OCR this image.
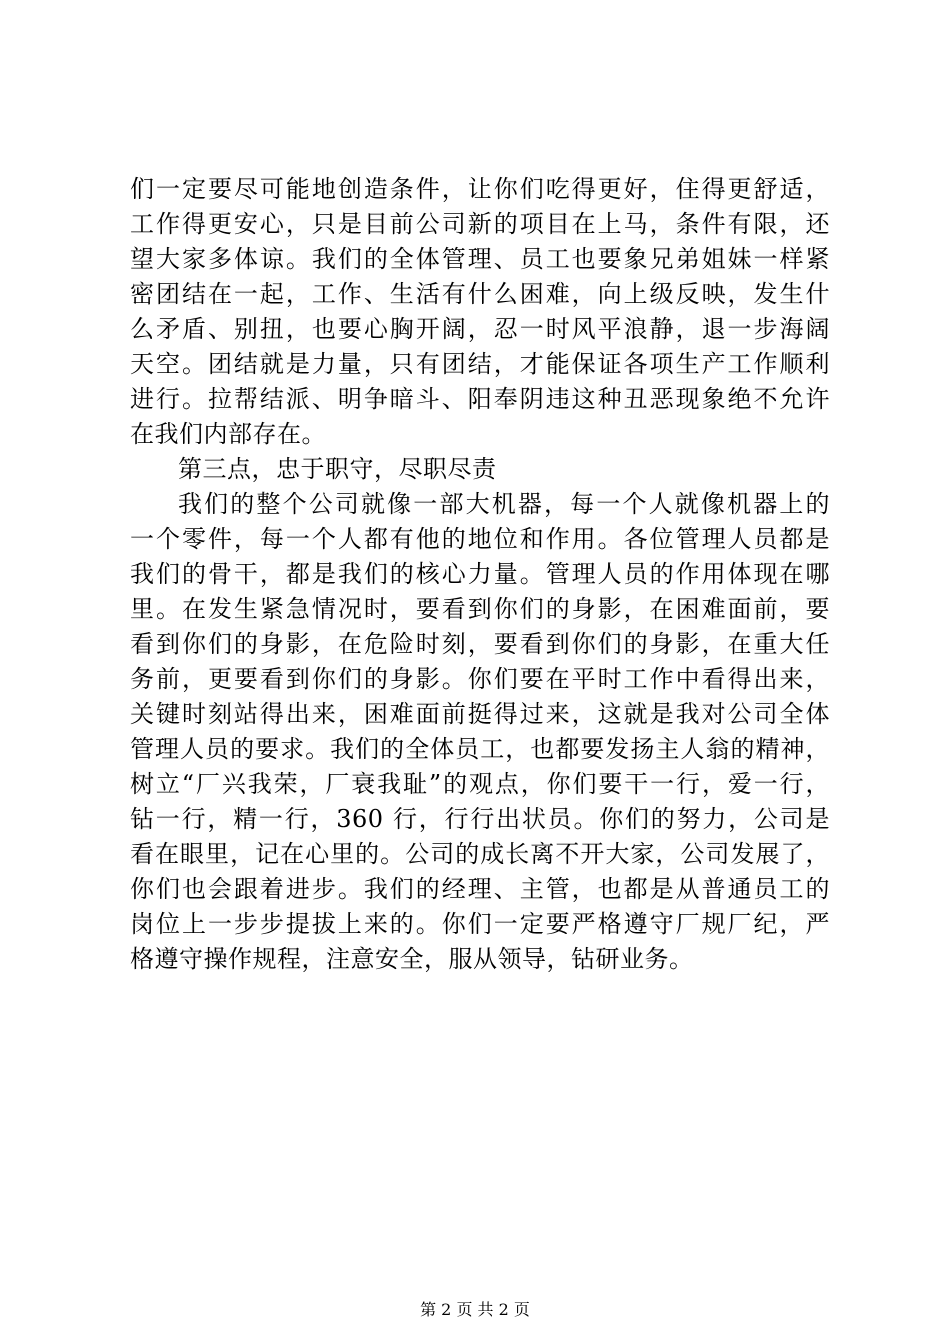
们一定要尽可能地创造条件，让你们吃得更好，住得更舒适，
工作得更安心，只是目前公司新的项目在上马，条件有限，还
望大家多体谅。我们的全体管理、员工也要象兄弟姐妹一样紧
密团结在一起，工作、生活有什么困难，向上级反映，发生什
么矛盾、别扭，也要心胸开阔，忍一时风平浪静，退一步海阔
天空。团结就是力量，只有团结，才能保证各项生产工作顺利
进行。拉帮结派、明争暗斗、阳奉阴违这种丑恶现象绝不允许
在我们内部存在。
第三点，忠于职守，尽职尽责
我们的整个公司就像一部大机器，每一个人就像机器上的
一个零件，每一个人都有他的地位和作用。各位管理人员都是
我们的骨干，都是我们的核心力量。管理人员的作用体现在哪
里。在发生紧急情况时，要看到你们的身影，在困难面前，要
看到你们的身影，在危险时刻，要看到你们的身影，在重大任
务前，更要看到你们的身影。你们要在平时工作中看得出来，
关键时刻站得出来，困难面前挺得过来，这就是我对公司全体
管理人员的要求。我们的全体员工，也都要发扬主人翁的精神，
树立“厂兴我荣，厂衰我耻”的观点，你们要干一行，爱一行，
钻一行，精一行，360 行，行行出状员。你们的努力，公司是
看在眼里，记在心里的。公司的成长离不开大家，公司发展了，
你们也会跟着进步。我们的经理、主管，也都是从普通员工的
岗位上一步步提拔上来的。你们一定要严格遵守厂规厂纪，严
格遵守操作规程，注意安全，服从领导，钻研业务。
第 2 页 共 2 页
